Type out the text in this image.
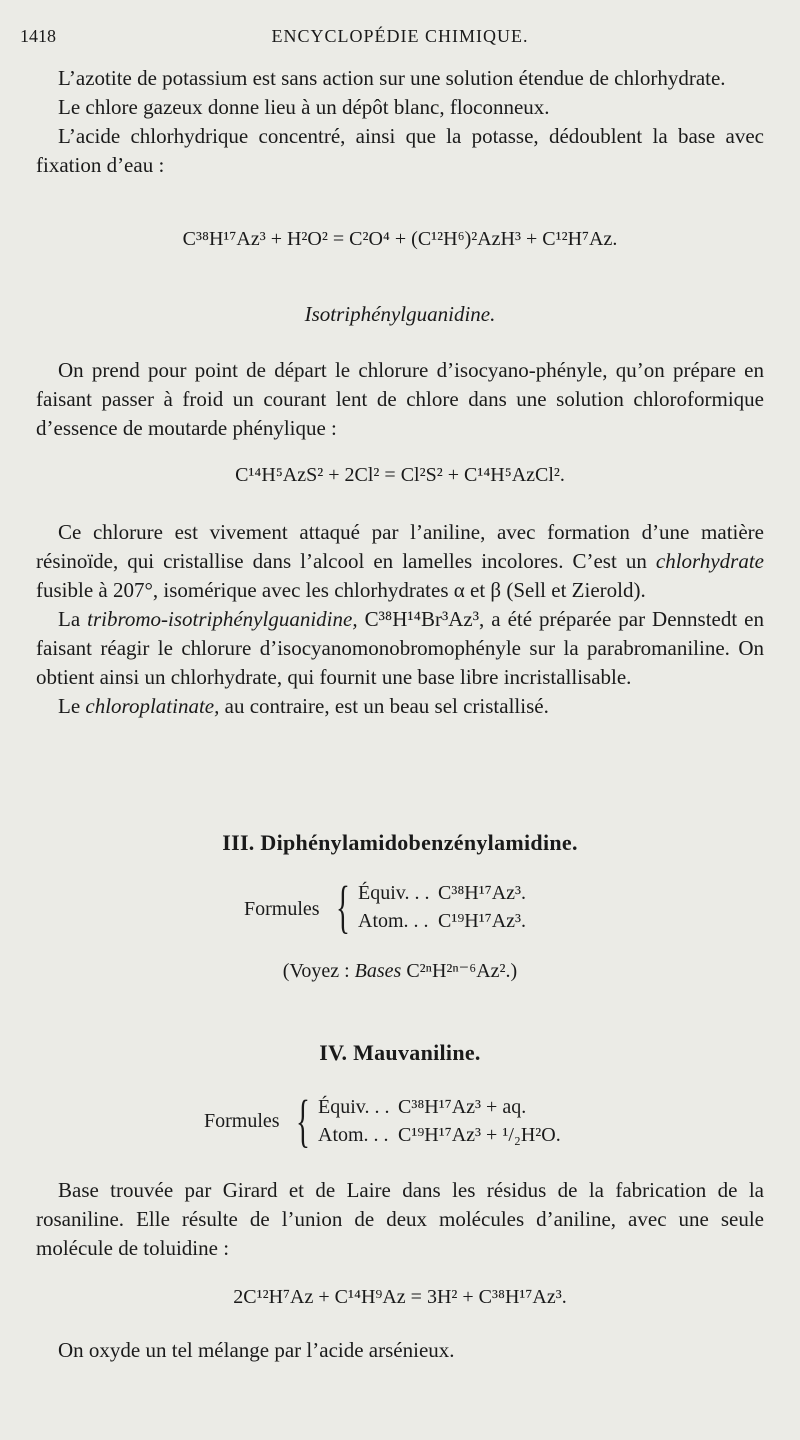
1418	ENCYCLOPÉDIE CHIMIQUE.

L’azotite de potassium est sans action sur une solution étendue de chlorhydrate.

Le chlore gazeux donne lieu à un dépôt blanc, floconneux.

L’acide chlorhydrique concentré, ainsi que la potasse, dédoublent la base avec fixation d’eau :

C³⁸H¹⁷Az³ + H²O² = C²O⁴ + (C¹²H⁶)²AzH³ + C¹²H⁷Az.
Isotriphénylguanidine.

On prend pour point de départ le chlorure d’isocyano-phényle, qu’on prépare en faisant passer à froid un courant lent de chlore dans une solution chloroformique d’essence de moutarde phénylique :

C¹⁴H⁵AzS² + 2Cl² = Cl²S² + C¹⁴H⁵AzCl².

Ce chlorure est vivement attaqué par l’aniline, avec formation d’une matière résinoïde, qui cristallise dans l’alcool en lamelles incolores. C’est un chlorhydrate fusible à 207°, isomérique avec les chlorhydrates α et β (Sell et Zierold).

La tribromo-isotriphénylguanidine, C³⁸H¹⁴Br³Az³, a été préparée par Dennstedt en faisant réagir le chlorure d’isocyanomonobromophényle sur la parabromaniline. On obtient ainsi un chlorhydrate, qui fournit une base libre incristallisable.

Le chloroplatinate, au contraire, est un beau sel cristallisé.

III. Diphénylamidobenzénylamidine.
Formules { Équiv. . . C³⁸H¹⁷Az³.
Atom. . . C¹⁹H¹⁷Az³.
(Voyez : Bases C²ⁿH²ⁿ⁻⁶Az².)
IV. Mauvaniline.
Formules { Équiv. . . C³⁸H¹⁷Az³ + aq.
Atom. . . C¹⁹H¹⁷Az³ + ¹/₂H²O.

Base trouvée par Girard et de Laire dans les résidus de la fabrication de la rosaniline. Elle résulte de l’union de deux molécules d’aniline, avec une seule molécule de toluidine :

2C¹²H⁷Az + C¹⁴H⁹Az = 3H² + C³⁸H¹⁷Az³.

On oxyde un tel mélange par l’acide arsénieux.
